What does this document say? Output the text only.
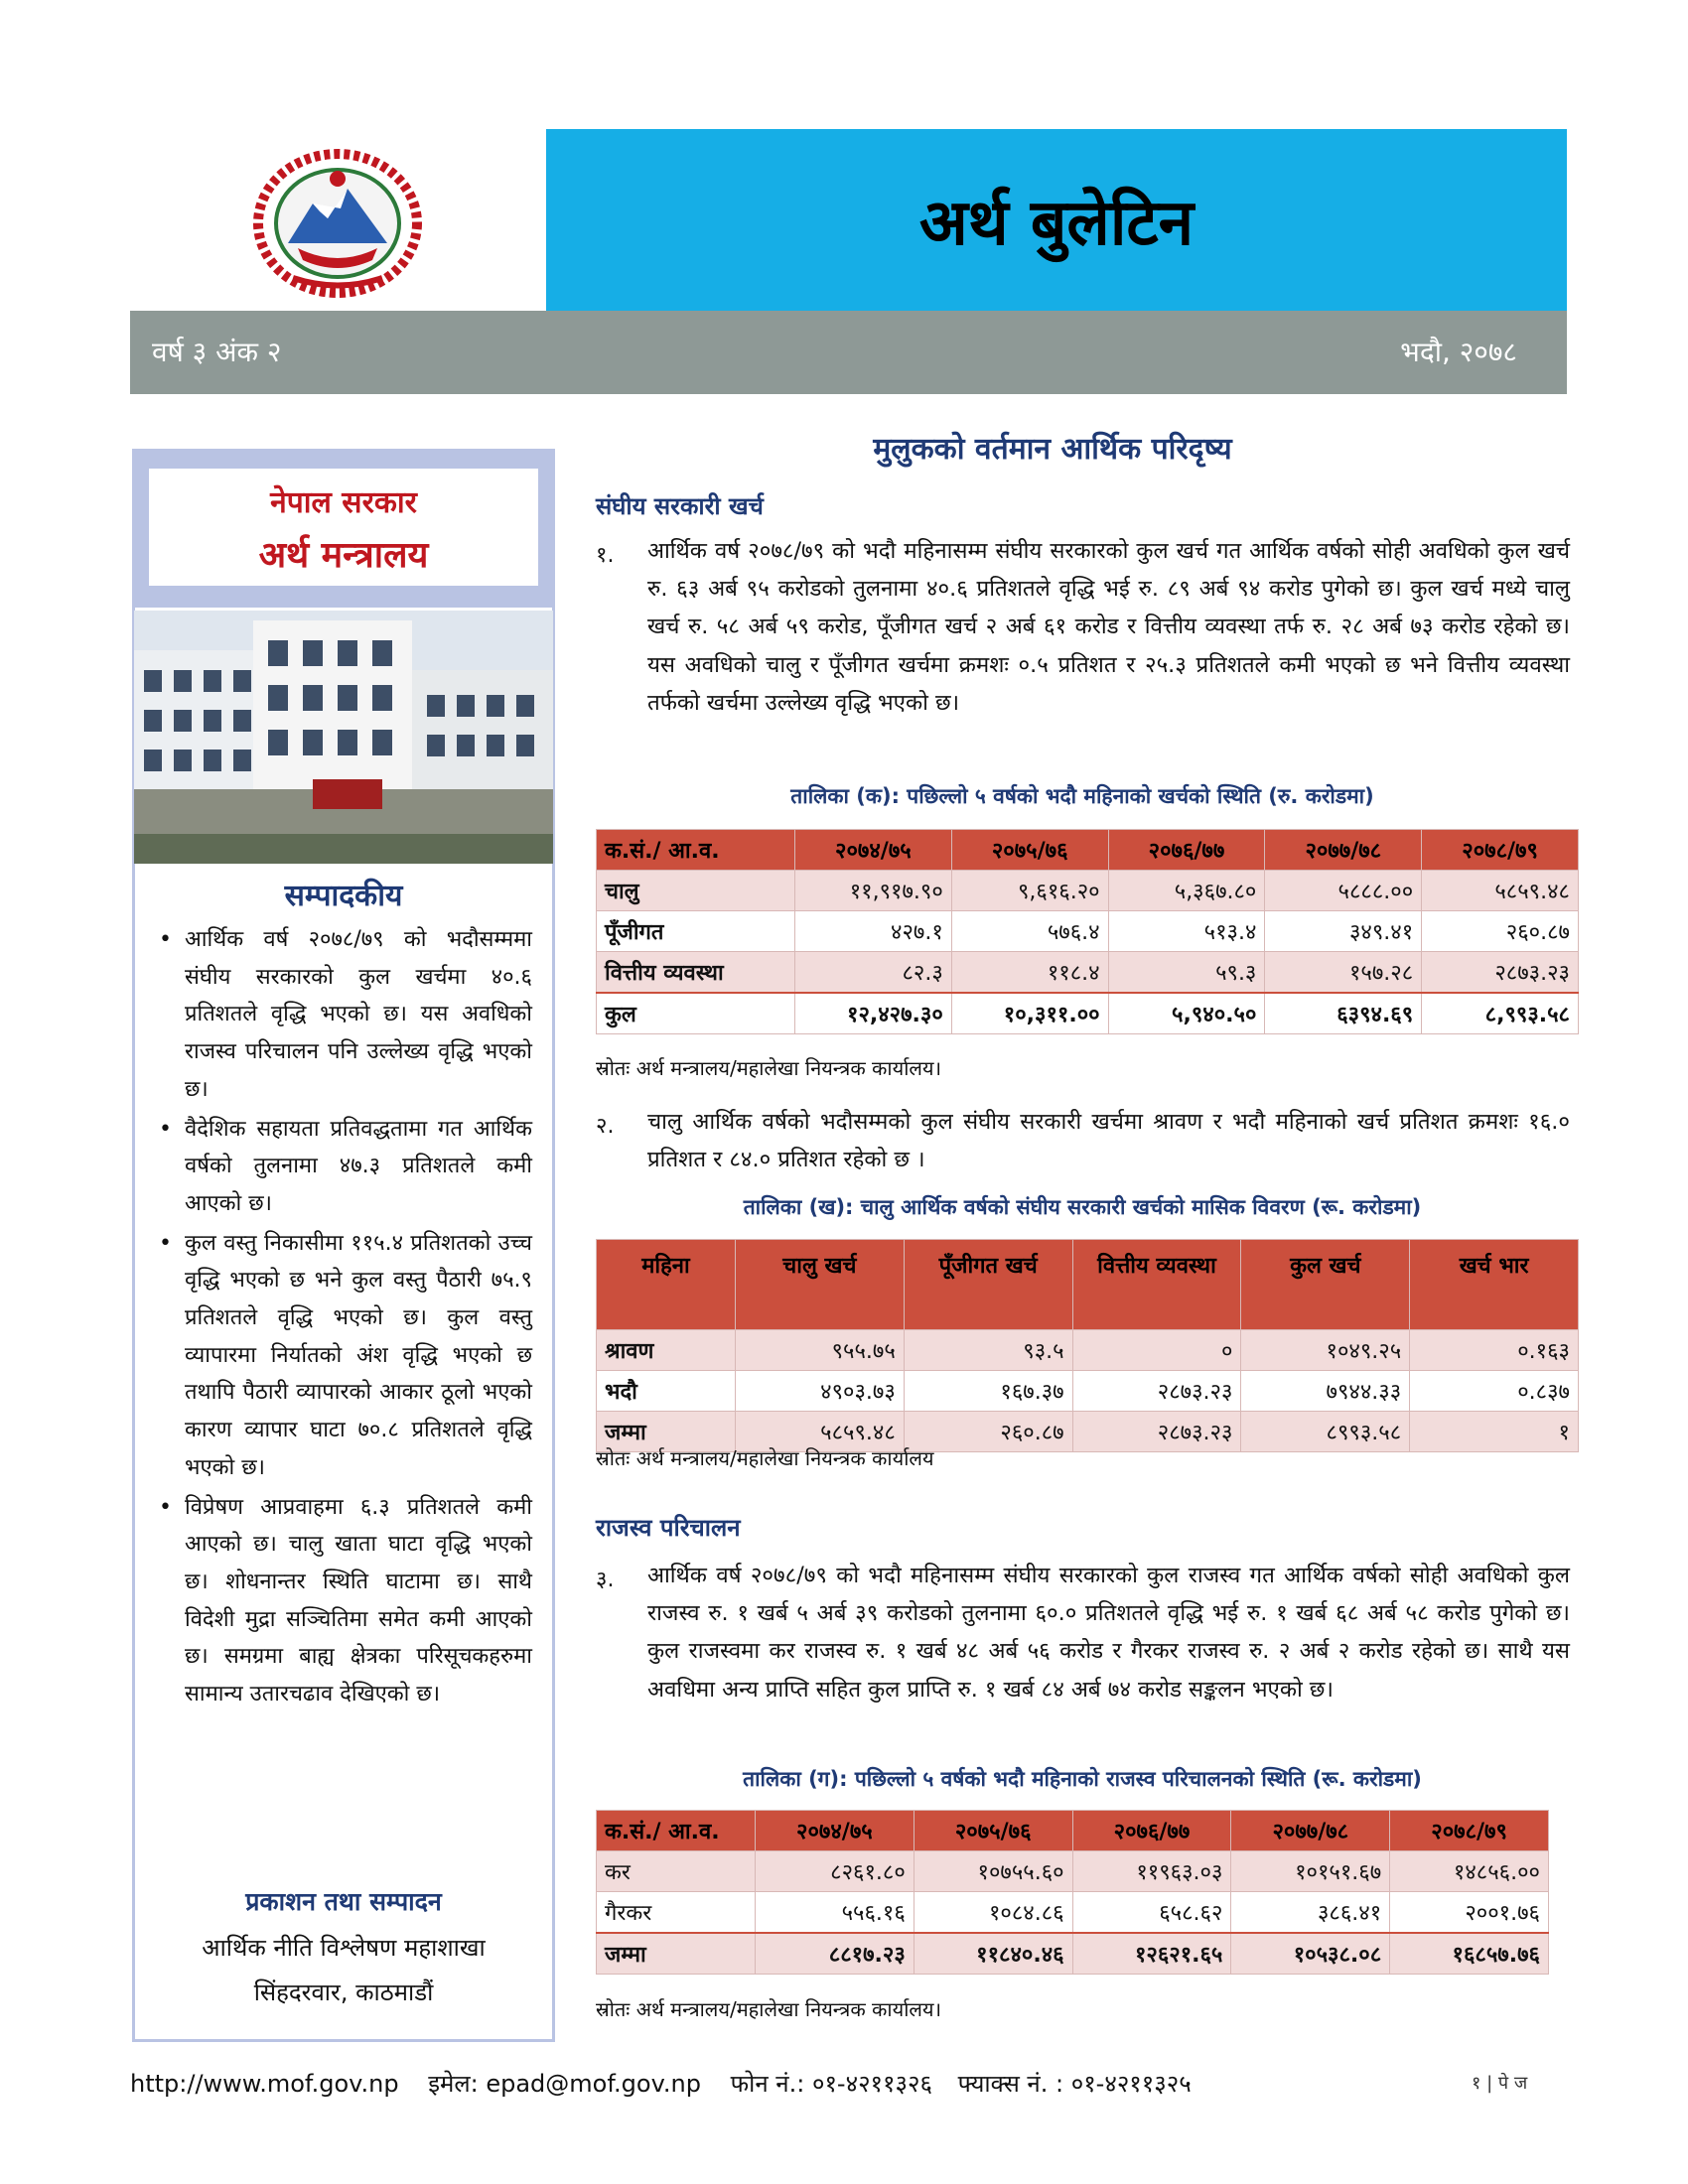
अर्थ बुलेटिन
वर्ष ३ अंक २	भदौ, २०७८
नेपाल सरकार
अर्थ मन्त्रालय
सम्पादकीय
• आर्थिक वर्ष २०७८/७९ को भदौसम्ममा संघीय सरकारको कुल खर्चमा ४०.६ प्रतिशतले वृद्धि भएको छ। यस अवधिको राजस्व परिचालन पनि उल्लेख्य वृद्धि भएको छ।
• वैदेशिक सहायता प्रतिवद्धतामा गत आर्थिक वर्षको तुलनामा ४७.३ प्रतिशतले कमी आएको छ।
• कुल वस्तु निकासीमा ११५.४ प्रतिशतको उच्च वृद्धि भएको छ भने कुल वस्तु पैठारी ७५.९ प्रतिशतले वृद्धि भएको छ। कुल वस्तु व्यापारमा निर्यातको अंश वृद्धि भएको छ तथापि पैठारी व्यापारको आकार ठूलो भएको कारण व्यापार घाटा ७०.८ प्रतिशतले वृद्धि भएको छ।
• विप्रेषण आप्रवाहमा ६.३ प्रतिशतले कमी आएको छ। चालु खाता घाटा वृद्धि भएको छ। शोधनान्तर स्थिति घाटामा छ। साथै विदेशी मुद्रा सञ्चितिमा समेत कमी आएको छ। समग्रमा बाह्य क्षेत्रका परिसूचकहरुमा सामान्य उतारचढाव देखिएको छ।
प्रकाशन तथा सम्पादन
आर्थिक नीति विश्लेषण महाशाखा
सिंहदरवार, काठमाडौं
मुलुकको वर्तमान आर्थिक परिदृष्य
संघीय सरकारी खर्च
१. आर्थिक वर्ष २०७८/७९ को भदौ महिनासम्म संघीय सरकारको कुल खर्च गत आर्थिक वर्षको सोही अवधिको कुल खर्च रु. ६३ अर्ब ९५ करोडको तुलनामा ४०.६ प्रतिशतले वृद्धि भई रु. ८९ अर्ब ९४ करोड पुगेको छ। कुल खर्च मध्ये चालु खर्च रु. ५८ अर्ब ५९ करोड, पूँजीगत खर्च २ अर्ब ६१ करोड र वित्तीय व्यवस्था तर्फ रु. २८ अर्ब ७३ करोड रहेको छ। यस अवधिको चालु र पूँजीगत खर्चमा क्रमशः ०.५ प्रतिशत र २५.३ प्रतिशतले कमी भएको छ भने वित्तीय व्यवस्था तर्फको खर्चमा उल्लेख्य वृद्धि भएको छ।
तालिका (क): पछिल्लो ५ वर्षको भदौ महिनाको खर्चको स्थिति (रु. करोडमा)
क.सं./ आ.व.	२०७४/७५	२०७५/७६	२०७६/७७	२०७७/७८	२०७८/७९
चालु	११,९१७.९०	९,६१६.२०	५,३६७.८०	५८८८.००	५८५९.४८
पूँजीगत	४२७.१	५७६.४	५१३.४	३४९.४१	२६०.८७
वित्तीय व्यवस्था	८२.३	११८.४	५९.३	१५७.२८	२८७३.२३
कुल	१२,४२७.३०	१०,३११.००	५,९४०.५०	६३९४.६९	८,९९३.५८
स्रोतः अर्थ मन्त्रालय/महालेखा नियन्त्रक कार्यालय।
२. चालु आर्थिक वर्षको भदौसम्मको कुल संघीय सरकारी खर्चमा श्रावण र भदौ महिनाको खर्च प्रतिशत क्रमशः १६.० प्रतिशत र ८४.० प्रतिशत रहेको छ ।
तालिका (ख): चालु आर्थिक वर्षको संघीय सरकारी खर्चको मासिक विवरण (रू. करोडमा)
महिना	चालु खर्च	पूँजीगत खर्च	वित्तीय व्यवस्था	कुल खर्च	खर्च भार
श्रावण	९५५.७५	९३.५	०	१०४९.२५	०.१६३
भदौ	४९०३.७३	१६७.३७	२८७३.२३	७९४४.३३	०.८३७
जम्मा	५८५९.४८	२६०.८७	२८७३.२३	८९९३.५८	१
स्रोतः अर्थ मन्त्रालय/महालेखा नियन्त्रक कार्यालय
राजस्व परिचालन
३. आर्थिक वर्ष २०७८/७९ को भदौ महिनासम्म संघीय सरकारको कुल राजस्व गत आर्थिक वर्षको सोही अवधिको कुल राजस्व रु. १ खर्ब ५ अर्ब ३९ करोडको तुलनामा ६०.० प्रतिशतले वृद्धि भई रु. १ खर्ब ६८ अर्ब ५८ करोड पुगेको छ। कुल राजस्वमा कर राजस्व रु. १ खर्ब ४८ अर्ब ५६ करोड र गैरकर राजस्व रु. २ अर्ब २ करोड रहेको छ। साथै यस अवधिमा अन्य प्राप्ति सहित कुल प्राप्ति रु. १ खर्ब ८४ अर्ब ७४ करोड सङ्कलन भएको छ।
तालिका (ग): पछिल्लो ५ वर्षको भदौ महिनाको राजस्व परिचालनको स्थिति (रू. करोडमा)
क.सं./ आ.व.	२०७४/७५	२०७५/७६	२०७६/७७	२०७७/७८	२०७८/७९
कर	८२६१.८०	१०७५५.६०	११९६३.०३	१०१५१.६७	१४८५६.००
गैरकर	५५६.१६	१०८४.८६	६५८.६२	३८६.४१	२००१.७६
जम्मा	८८१७.२३	११८४०.४६	१२६२१.६५	१०५३८.०८	१६८५७.७६
स्रोतः अर्थ मन्त्रालय/महालेखा नियन्त्रक कार्यालय।
http://www.mof.gov.np इमेल: epad@mof.gov.np फोन नं.: ०१-४२११३२६ फ्याक्स नं. : ०१-४२११३२५	१ | पे ज
